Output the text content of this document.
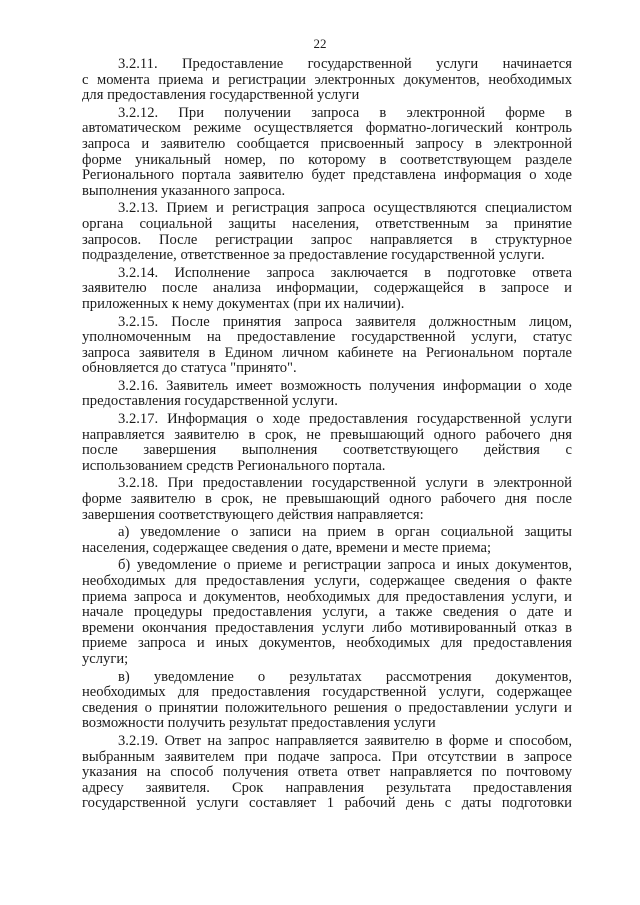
22
3.2.11. Предоставление государственной услуги начинается
с момента приема и регистрации электронных документов, необходимых
для предоставления государственной услуги
3.2.12. При получении запроса в электронной форме в
автоматическом режиме осуществляется форматно-логический контроль
запроса и заявителю сообщается присвоенный запросу в электронной
форме уникальный номер, по которому в соответствующем разделе
Регионального портала заявителю будет представлена информация о ходе
выполнения указанного запроса.
3.2.13. Прием и регистрация запроса осуществляются специалистом
органа социальной защиты населения, ответственным за принятие
запросов. После регистрации запрос направляется в структурное
подразделение, ответственное за предоставление государственной услуги.
3.2.14. Исполнение запроса заключается в подготовке ответа
заявителю после анализа информации, содержащейся в запросе и
приложенных к нему документах (при их наличии).
3.2.15. После принятия запроса заявителя должностным лицом,
уполномоченным на предоставление государственной услуги, статус
запроса заявителя в Едином личном кабинете на Региональном портале
обновляется до статуса "принято".
3.2.16. Заявитель имеет возможность получения информации о ходе
предоставления государственной услуги.
3.2.17. Информация о ходе предоставления государственной услуги
направляется заявителю в срок, не превышающий одного рабочего дня
после завершения выполнения соответствующего действия с
использованием средств Регионального портала.
3.2.18. При предоставлении государственной услуги в электронной
форме заявителю в срок, не превышающий одного рабочего дня после
завершения соответствующего действия направляется:
а) уведомление о записи на прием в орган социальной защиты
населения, содержащее сведения о дате, времени и месте приема;
б) уведомление о приеме и регистрации запроса и иных документов,
необходимых для предоставления услуги, содержащее сведения о факте
приема запроса и документов, необходимых для предоставления услуги, и
начале процедуры предоставления услуги, а также сведения о дате и
времени окончания предоставления услуги либо мотивированный отказ в
приеме запроса и иных документов, необходимых для предоставления
услуги;
в) уведомление о результатах рассмотрения документов,
необходимых для предоставления государственной услуги, содержащее
сведения о принятии положительного решения о предоставлении услуги и
возможности получить результат предоставления услуги
3.2.19. Ответ на запрос направляется заявителю в форме и способом,
выбранным заявителем при подаче запроса. При отсутствии в запросе
указания на способ получения ответа ответ направляется по почтовому
адресу заявителя. Срок направления результата предоставления
государственной услуги составляет 1 рабочий день с даты подготовки
